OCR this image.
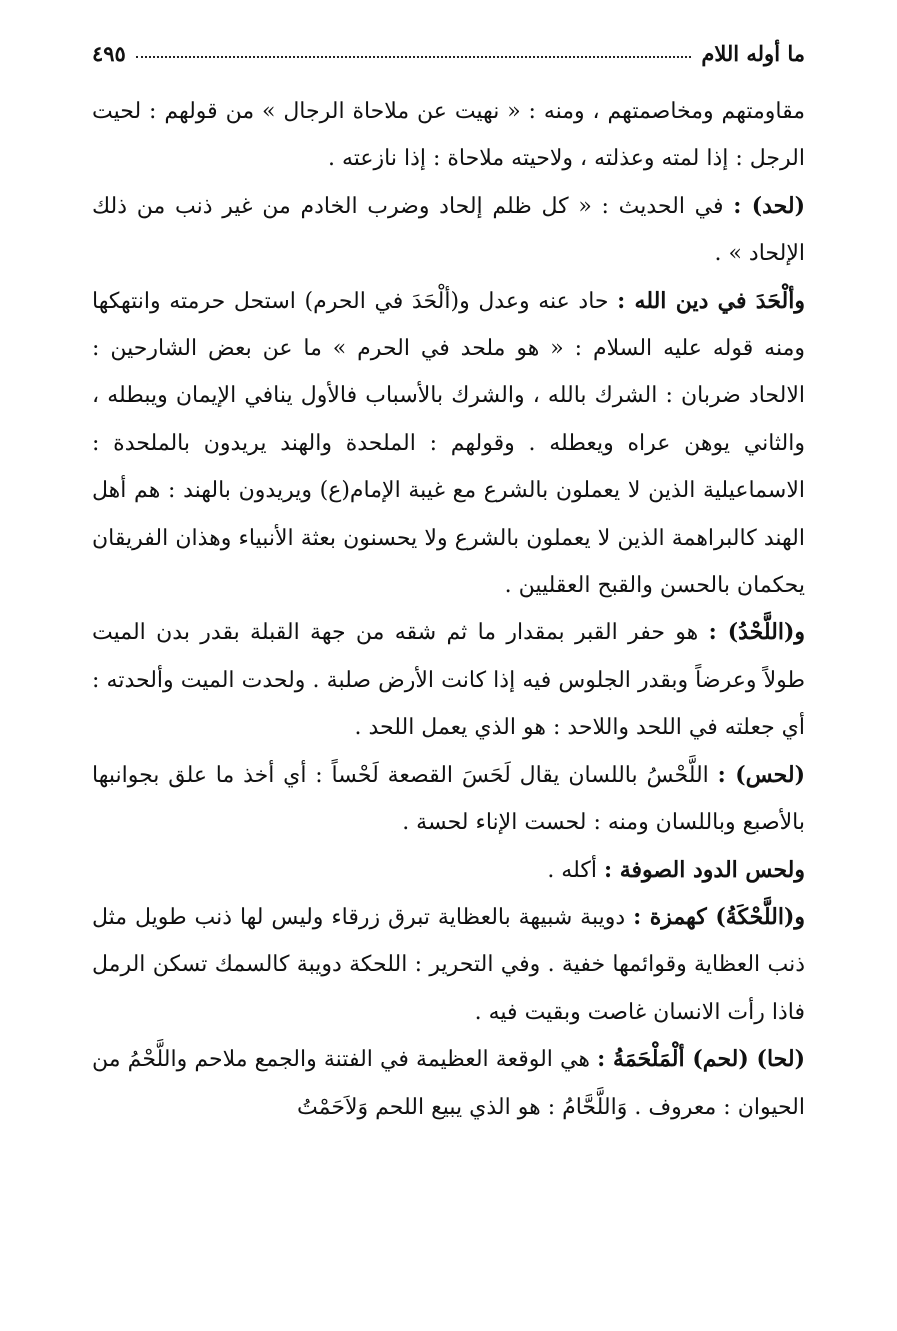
ما أوله اللام
٤٩٥

مقاومتهم ومخاصمتهم ، ومنه : « نهيت عن ملاحاة الرجال » من قولهم : لحيت الرجل : إذا لمته وعذلته ، ولاحيته ملاحاة : إذا نازعته .

(لحد) : في الحديث : « كل ظلم إلحاد وضرب الخادم من غير ذنب من ذلك الإلحاد » .

وألْحَدَ في دين الله : حاد عنه وعدل و(ألْحَدَ في الحرم) استحل حرمته وانتهكها ومنه قوله عليه السلام : « هو ملحد في الحرم » ما عن بعض الشارحين : الالحاد ضربان : الشرك بالله ، والشرك بالأسباب فالأول ينافي الإيمان ويبطله ، والثاني يوهن عراه ويعطله . وقولهم : الملحدة والهند يريدون بالملحدة : الاسماعيلية الذين لا يعملون بالشرع مع غيبة الإمام(ع) ويريدون بالهند : هم أهل الهند كالبراهمة الذين لا يعملون بالشرع ولا يحسنون بعثة الأنبياء وهذان الفريقان يحكمان بالحسن والقبح العقليين .

و(اللَّحْدُ) : هو حفر القبر بمقدار ما ثم شقه من جهة القبلة بقدر بدن الميت طولاً وعرضاً وبقدر الجلوس فيه إذا كانت الأرض صلبة . ولحدت الميت وألحدته : أي جعلته في اللحد واللاحد : هو الذي يعمل اللحد .

(لحس) : اللَّحْسُ باللسان يقال لَحَسَ القصعة لَحْساً : أي أخذ ما علق بجوانبها بالأصبع وباللسان ومنه : لحست الإناء لحسة .

ولحس الدود الصوفة : أكله .

و(اللَّحْكَةُ) كهمزة : دويبة شبيهة بالعظاية تبرق زرقاء وليس لها ذنب طويل مثل ذنب العظاية وقوائمها خفية . وفي التحرير : اللحكة دويبة كالسمك تسكن الرمل فاذا رأت الانسان غاصت وبقيت فيه .

(لحا) (لحم) ألْمَلْحَمَةُ : هي الوقعة العظيمة في الفتنة والجمع ملاحم واللَّحْمُ من الحيوان : معروف . وَاللَّحَّامُ : هو الذي يبيع اللحم وَلاَحَمْتُ
